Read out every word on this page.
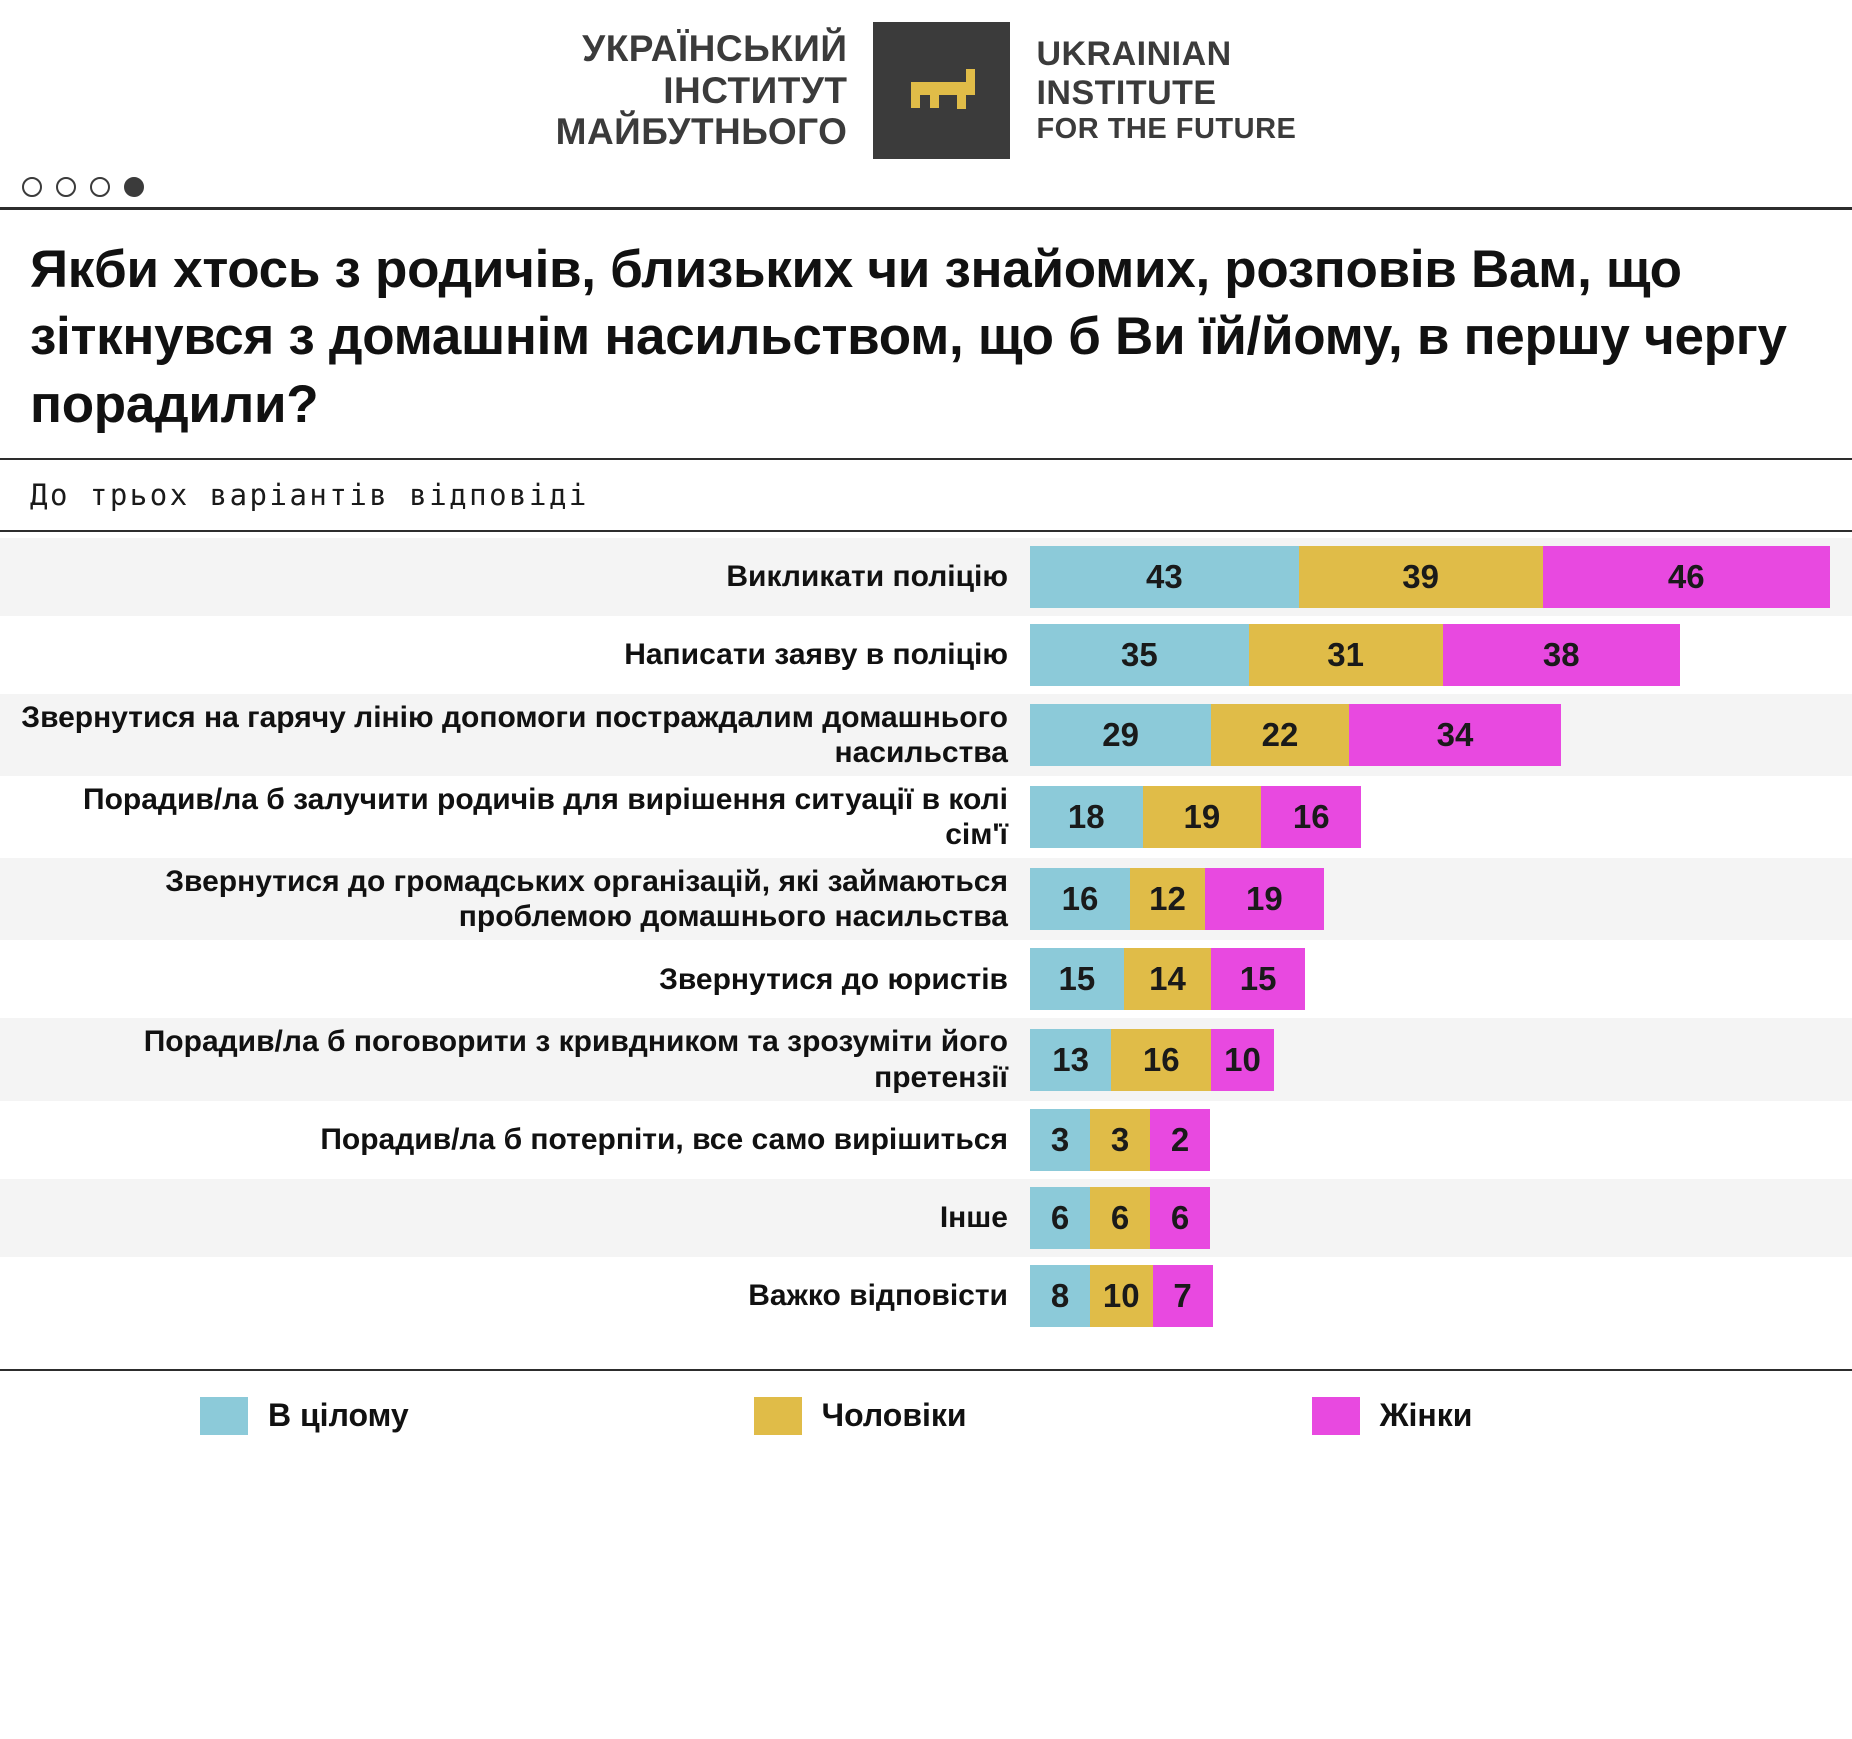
УКРАЇНСЬКИЙ
ІНСТИТУТ
МАЙБУТНЬОГО
UKRAINIAN
INSTITUTE
FOR THE FUTURE
Якби хтось з родичів, близьких чи знайомих, розповів Вам, що зіткнувся з домашнім насильством, що б Ви їй/йому, в першу чергу порадили?
До трьох варіантів відповіді
Викликати поліцію	43	39	46
Написати заяву в поліцію	35	31	38
Звернутися на гарячу лінію допомоги постраждалим домашнього насильства	29	22	34
Порадив/ла б залучити родичів для вирішення ситуації в колі сім'ї	18 19 16
Звернутися до громадських організацій, які займаються проблемою домашнього насильства	16 12 19
Звернутися до юристів	15 14 15
Порадив/ла б поговорити з кривдником та зрозуміти його претензії	13 16 10
Порадив/ла б потерпіти, все само вирішиться	3 3 2
Інше	6 6 6
Важко відповісти	8 10 7
В цілому	Чоловіки	Жінки
